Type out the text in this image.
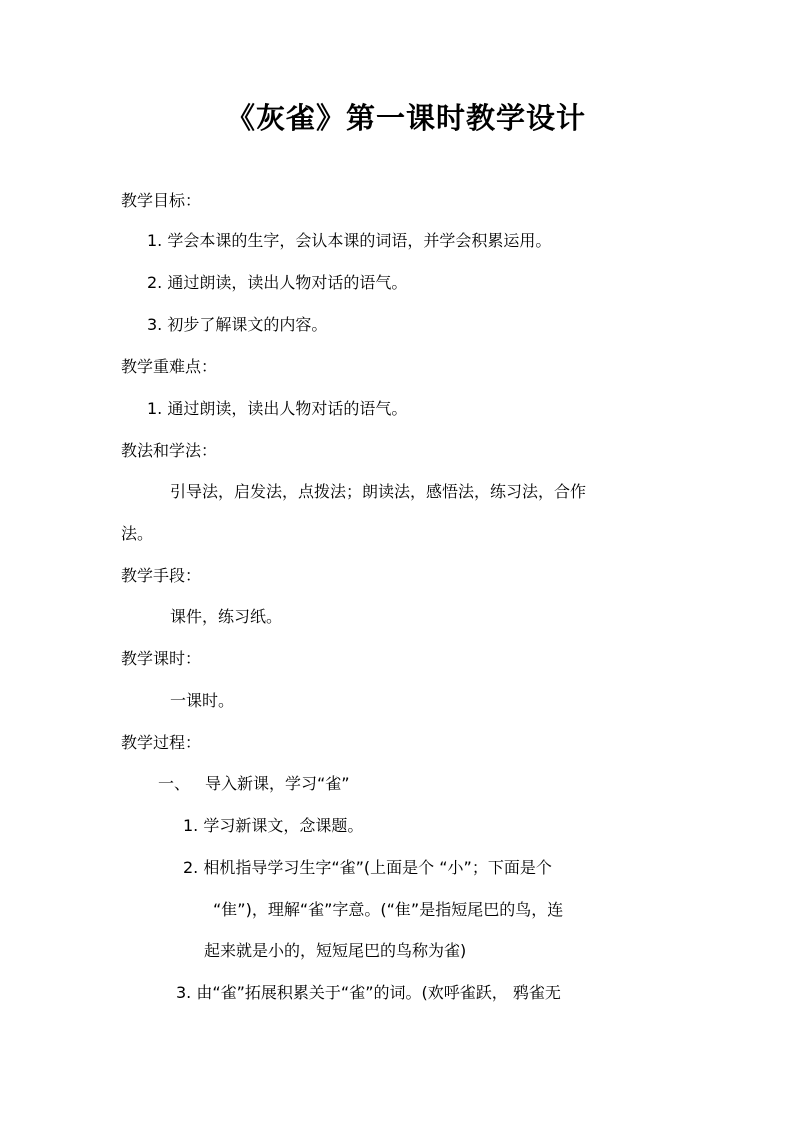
《灰雀》第一课时教学设计
教学目标：
1. 学会本课的生字，会认本课的词语，并学会积累运用。
2. 通过朗读，读出人物对话的语气。
3. 初步了解课文的内容。
教学重难点：
1. 通过朗读，读出人物对话的语气。
教法和学法：
引导法，启发法，点拨法；朗读法，感悟法，练习法，合作
法。
教学手段：
课件，练习纸。
教学课时：
一课时。
教学过程：
一、 导入新课，学习“雀”
1. 学习新课文，念课题。
2. 相机指导学习生字“雀”(上面是个 “小”；下面是个
“隹”)，理解“雀”字意。(“隹”是指短尾巴的鸟，连
起来就是小的，短短尾巴的鸟称为雀)
3. 由“雀”拓展积累关于“雀”的词。(欢呼雀跃， 鸦雀无
